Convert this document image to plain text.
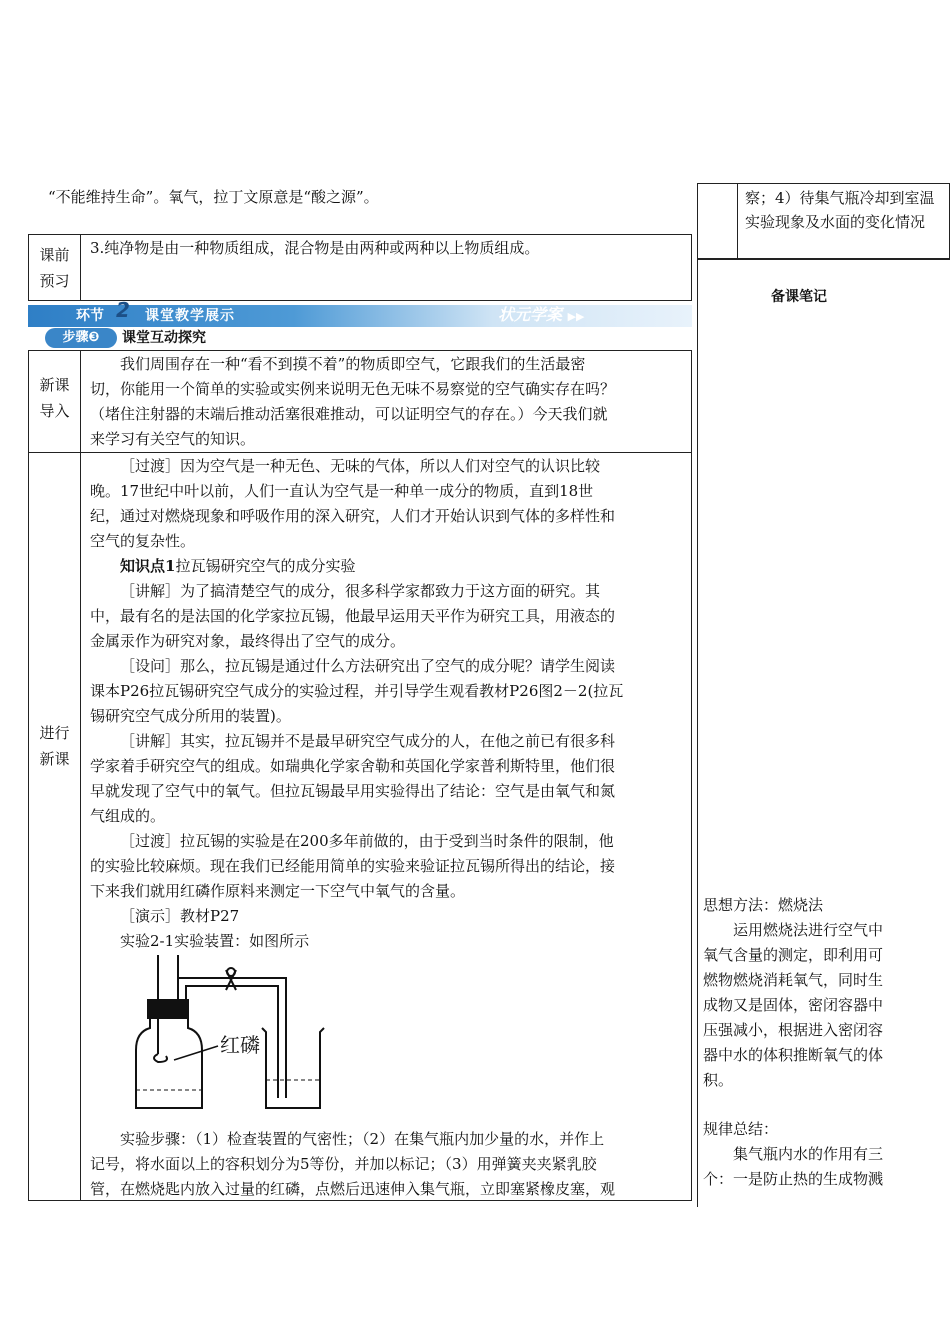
“不能维持生命”。氧气，拉丁文原意是“酸之源”。	察；4）待集气瓶冷却到室温

实验现象及水面的变化情况

课前

预习

3.纯净物是由一种物质组成，混合物是由两种或两种以上物质组成。

环节 2 课堂教学展示	状元学案 ▶▶
步骤❸	课堂互动探究

备课笔记

新课

导入

我们周围存在一种“看不到摸不着”的物质即空气，它跟我们的生活最密

切，你能用一个简单的实验或实例来说明无色无味不易察觉的空气确实存在吗？

（堵住注射器的末端后推动活塞很难推动，可以证明空气的存在。）今天我们就

来学习有关空气的知识。

进行

新课

［过渡］因为空气是一种无色、无味的气体，所以人们对空气的认识比较

晚。17世纪中叶以前，人们一直认为空气是一种单一成分的物质，直到18世

纪，通过对燃烧现象和呼吸作用的深入研究，人们才开始认识到气体的多样性和

空气的复杂性。

知识点1拉瓦锡研究空气的成分实验

［讲解］为了搞清楚空气的成分，很多科学家都致力于这方面的研究。其

中，最有名的是法国的化学家拉瓦锡，他最早运用天平作为研究工具，用液态的

金属汞作为研究对象，最终得出了空气的成分。

［设问］那么，拉瓦锡是通过什么方法研究出了空气的成分呢？请学生阅读

课本P26拉瓦锡研究空气成分的实验过程，并引导学生观看教材P26图2－2(拉瓦

锡研究空气成分所用的装置)。

［讲解］其实，拉瓦锡并不是最早研究空气成分的人，在他之前已有很多科

学家着手研究空气的组成。如瑞典化学家舍勒和英国化学家普利斯特里，他们很

早就发现了空气中的氧气。但拉瓦锡最早用实验得出了结论：空气是由氧气和氮

气组成的。

［过渡］拉瓦锡的实验是在200多年前做的，由于受到当时条件的限制，他

的实验比较麻烦。现在我们已经能用简单的实验来验证拉瓦锡所得出的结论，接

下来我们就用红磷作原料来测定一下空气中氧气的含量。

［演示］教材P27

实验2-1实验装置：如图所示

红磷

实验步骤：（1）检查装置的气密性；（2）在集气瓶内加少量的水，并作上

记号，将水面以上的容积划分为5等份，并加以标记；（3）用弹簧夹夹紧乳胶

管，在燃烧匙内放入过量的红磷，点燃后迅速伸入集气瓶，立即塞紧橡皮塞，观

思想方法：燃烧法

运用燃烧法进行空气中

氧气含量的测定，即利用可

燃物燃烧消耗氧气，同时生

成物又是固体，密闭容器中

压强减小，根据进入密闭容

器中水的体积推断氧气的体

积。

规律总结：

集气瓶内水的作用有三

个：一是防止热的生成物溅
